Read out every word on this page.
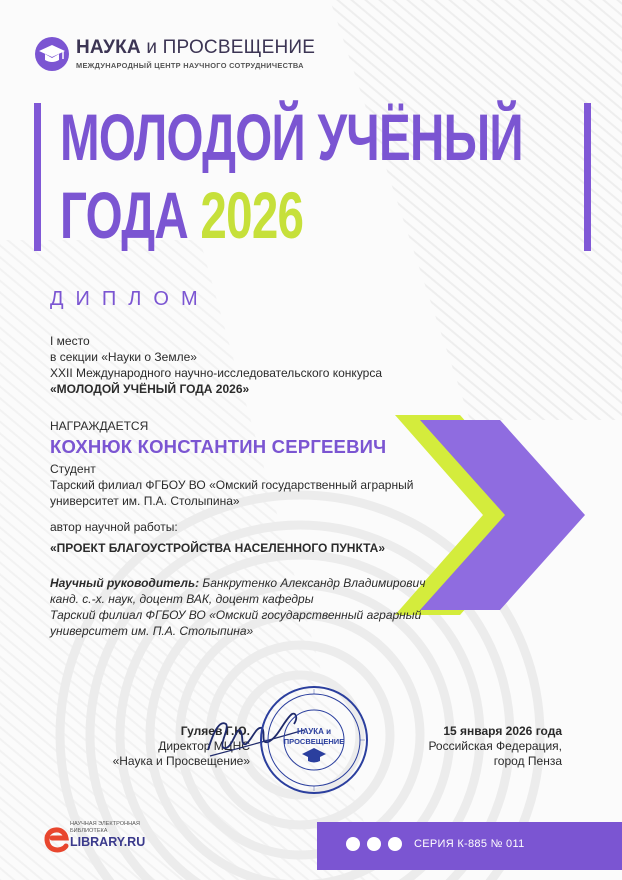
НАУКА и ПРОСВЕЩЕНИЕ
МЕЖДУНАРОДНЫЙ ЦЕНТР НАУЧНОГО СОТРУДНИЧЕСТВА
МОЛОДОЙ УЧЁНЫЙ
ГОДА 2026
ДИПЛОМ
I место
в секции «Науки о Земле»
XXII Международного научно-исследовательского конкурса
«МОЛОДОЙ УЧЁНЫЙ ГОДА 2026»
НАГРАЖДАЕТСЯ
КОХНЮК КОНСТАНТИН СЕРГЕЕВИЧ
Студент
Тарский филиал ФГБОУ ВО «Омский государственный аграрный
университет им. П.А. Столыпина»
автор научной работы:
«ПРОЕКТ БЛАГОУСТРОЙСТВА НАСЕЛЕННОГО ПУНКТА»
Научный руководитель: Банкрутенко Александр Владимирович
канд. с.-х. наук, доцент ВАК, доцент кафедры
Тарский филиал ФГБОУ ВО «Омский государственный аграрный
университет им. П.А. Столыпина»
Гуляев Г.Ю.
Директор МЦНС
«Наука и Просвещение»
НАУКА и
ПРОСВЕЩЕНИЕ
15 января 2026 года
Российская Федерация,
город Пенза
НАУЧНАЯ ЭЛЕКТРОННАЯ
БИБЛИОТЕКА
LIBRARY.RU	СЕРИЯ К-885 № 011
